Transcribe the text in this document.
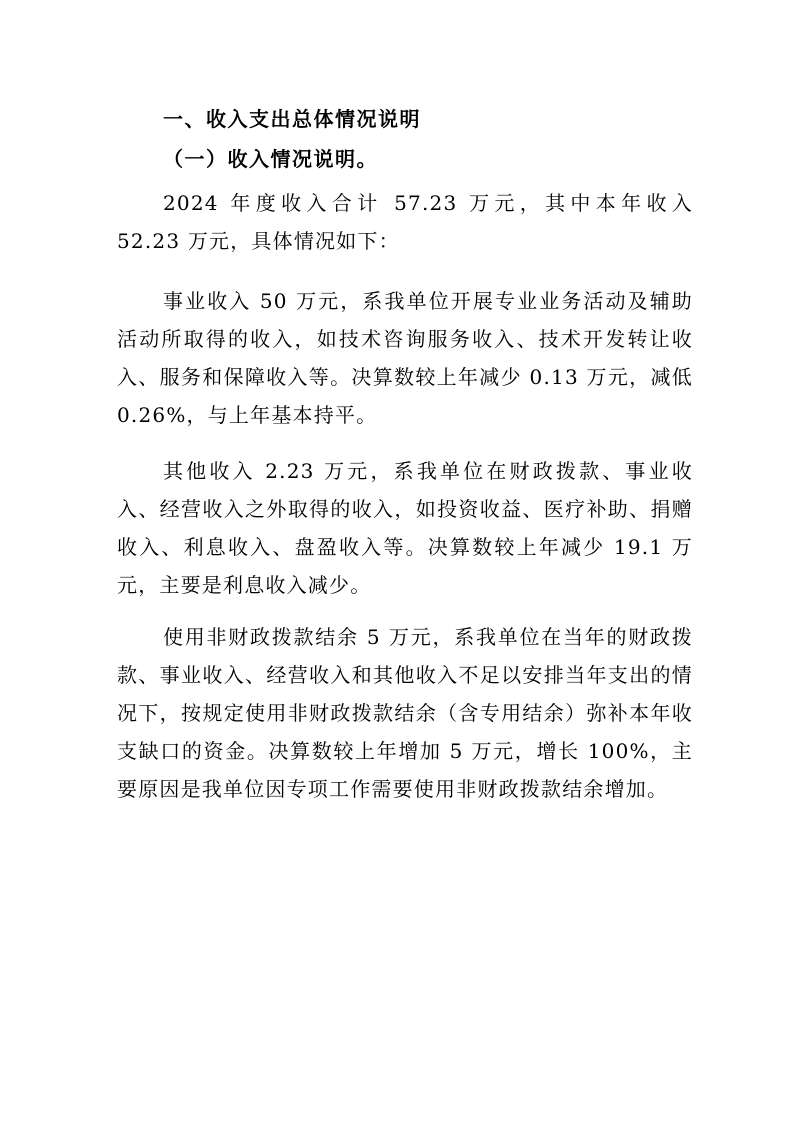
一、收入支出总体情况说明
（一）收入情况说明。

2024 年度收入合计 57.23 万元，其中本年收入 52.23 万元，具体情况如下：

事业收入 50 万元，系我单位开展专业业务活动及辅助活动所取得的收入，如技术咨询服务收入、技术开发转让收入、服务和保障收入等。决算数较上年减少 0.13 万元，减低 0.26%，与上年基本持平。

其他收入 2.23 万元，系我单位在财政拨款、事业收入、经营收入之外取得的收入，如投资收益、医疗补助、捐赠收入、利息收入、盘盈收入等。决算数较上年减少 19.1 万元，主要是利息收入减少。

使用非财政拨款结余 5 万元，系我单位在当年的财政拨款、事业收入、经营收入和其他收入不足以安排当年支出的情况下，按规定使用非财政拨款结余（含专用结余）弥补本年收支缺口的资金。决算数较上年增加 5 万元，增长 100%，主要原因是我单位因专项工作需要使用非财政拨款结余增加。
